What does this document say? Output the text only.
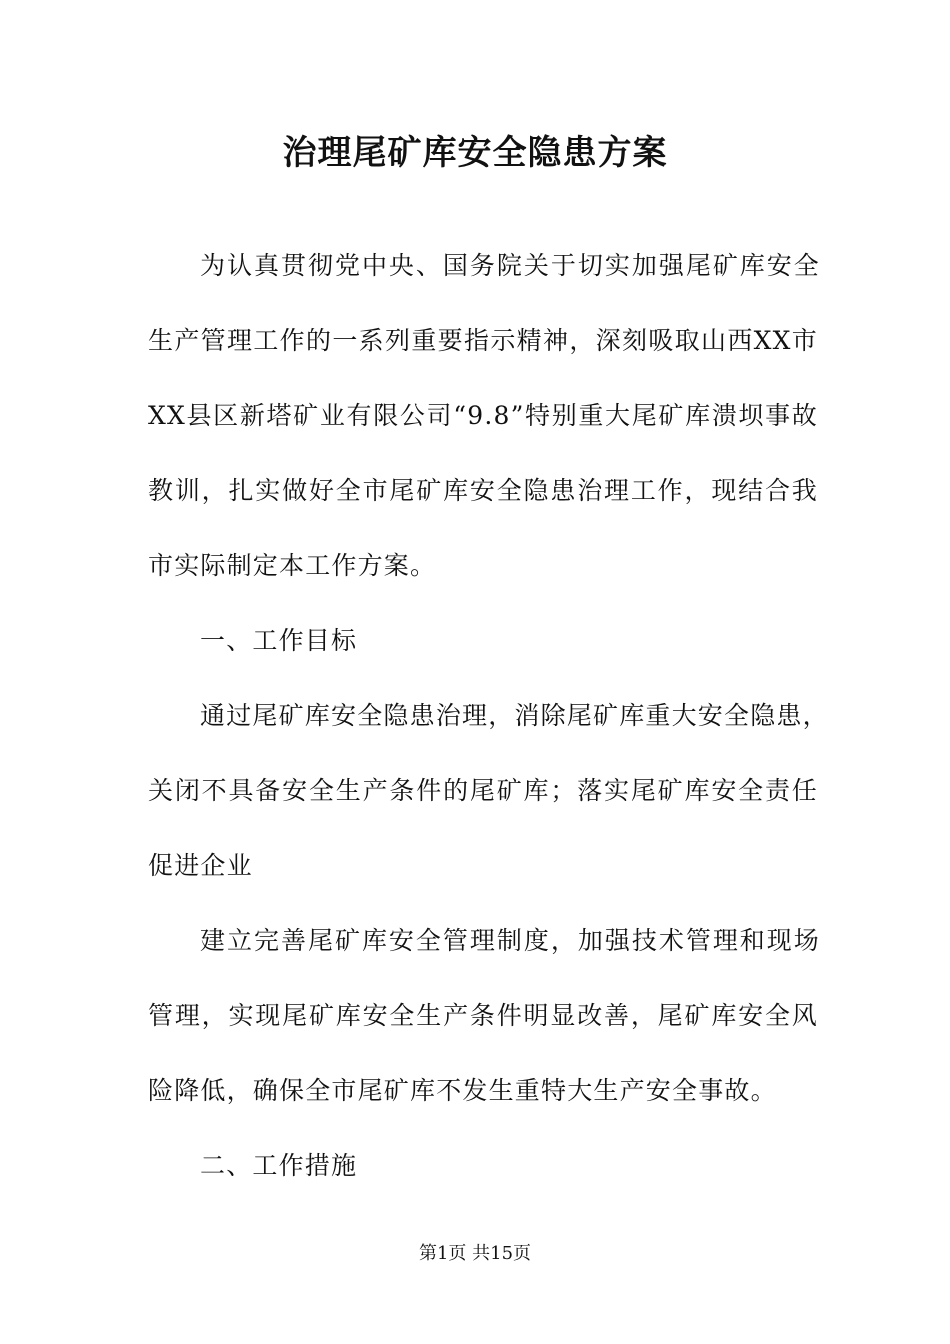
治理尾矿库安全隐患方案

为认真贯彻党中央、国务院关于切实加强尾矿库安全

生产管理工作的一系列重要指示精神，深刻吸取山西XX市

XX县区新塔矿业有限公司“9.8”特别重大尾矿库溃坝事故

教训，扎实做好全市尾矿库安全隐患治理工作，现结合我

市实际制定本工作方案。

一、工作目标

通过尾矿库安全隐患治理，消除尾矿库重大安全隐患，

关闭不具备安全生产条件的尾矿库；落实尾矿库安全责任

促进企业

建立完善尾矿库安全管理制度，加强技术管理和现场

管理，实现尾矿库安全生产条件明显改善，尾矿库安全风

险降低，确保全市尾矿库不发生重特大生产安全事故。

二、工作措施

第1页 共15页
